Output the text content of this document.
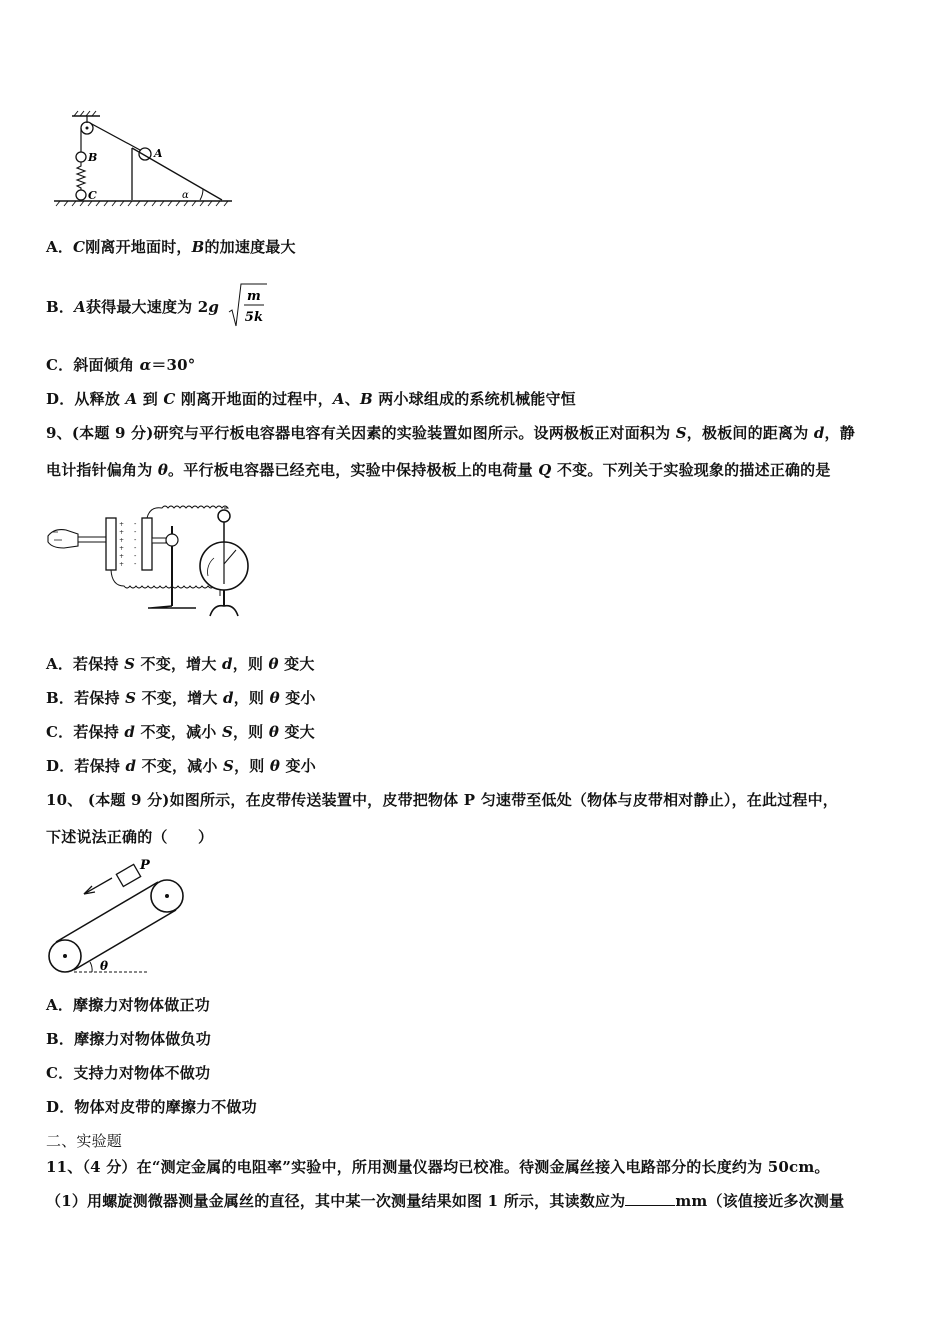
B
C
A
α
A．C刚离开地面时，B的加速度最大
B．A获得最大速度为 2g
m
5k
C．斜面倾角 α＝30°
D．从释放 A 到 C 刚离开地面的过程中，A、B 两小球组成的系统机械能守恒
9、(本题 9 分)研究与平行板电容器电容有关因素的实验装置如图所示。设两极板正对面积为 S，极板间的距离为 d，静
电计指针偏角为 θ。平行板电容器已经充电，实验中保持极板上的电荷量 Q 不变。下列关于实验现象的描述正确的是
+
+
+
+
+
+
-
-
-
-
-
-
A．若保持 S 不变，增大 d，则 θ 变大
B．若保持 S 不变，增大 d，则 θ 变小
C．若保持 d 不变，减小 S，则 θ 变大
D．若保持 d 不变，减小 S，则 θ 变小
10、 (本题 9 分)如图所示，在皮带传送装置中，皮带把物体 P 匀速带至低处（物体与皮带相对静止），在此过程中，
下述说法正确的（　　）
P
θ
A．摩擦力对物体做正功
B．摩擦力对物体做负功
C．支持力对物体不做功
D．物体对皮带的摩擦力不做功
二、实验题
11、（4 分）在“测定金属的电阻率”实验中，所用测量仪器均已校准。待测金属丝接入电路部分的长度约为 50cm。
（1）用螺旋测微器测量金属丝的直径，其中某一次测量结果如图 1 所示，其读数应为	mm（该值接近多次测量
